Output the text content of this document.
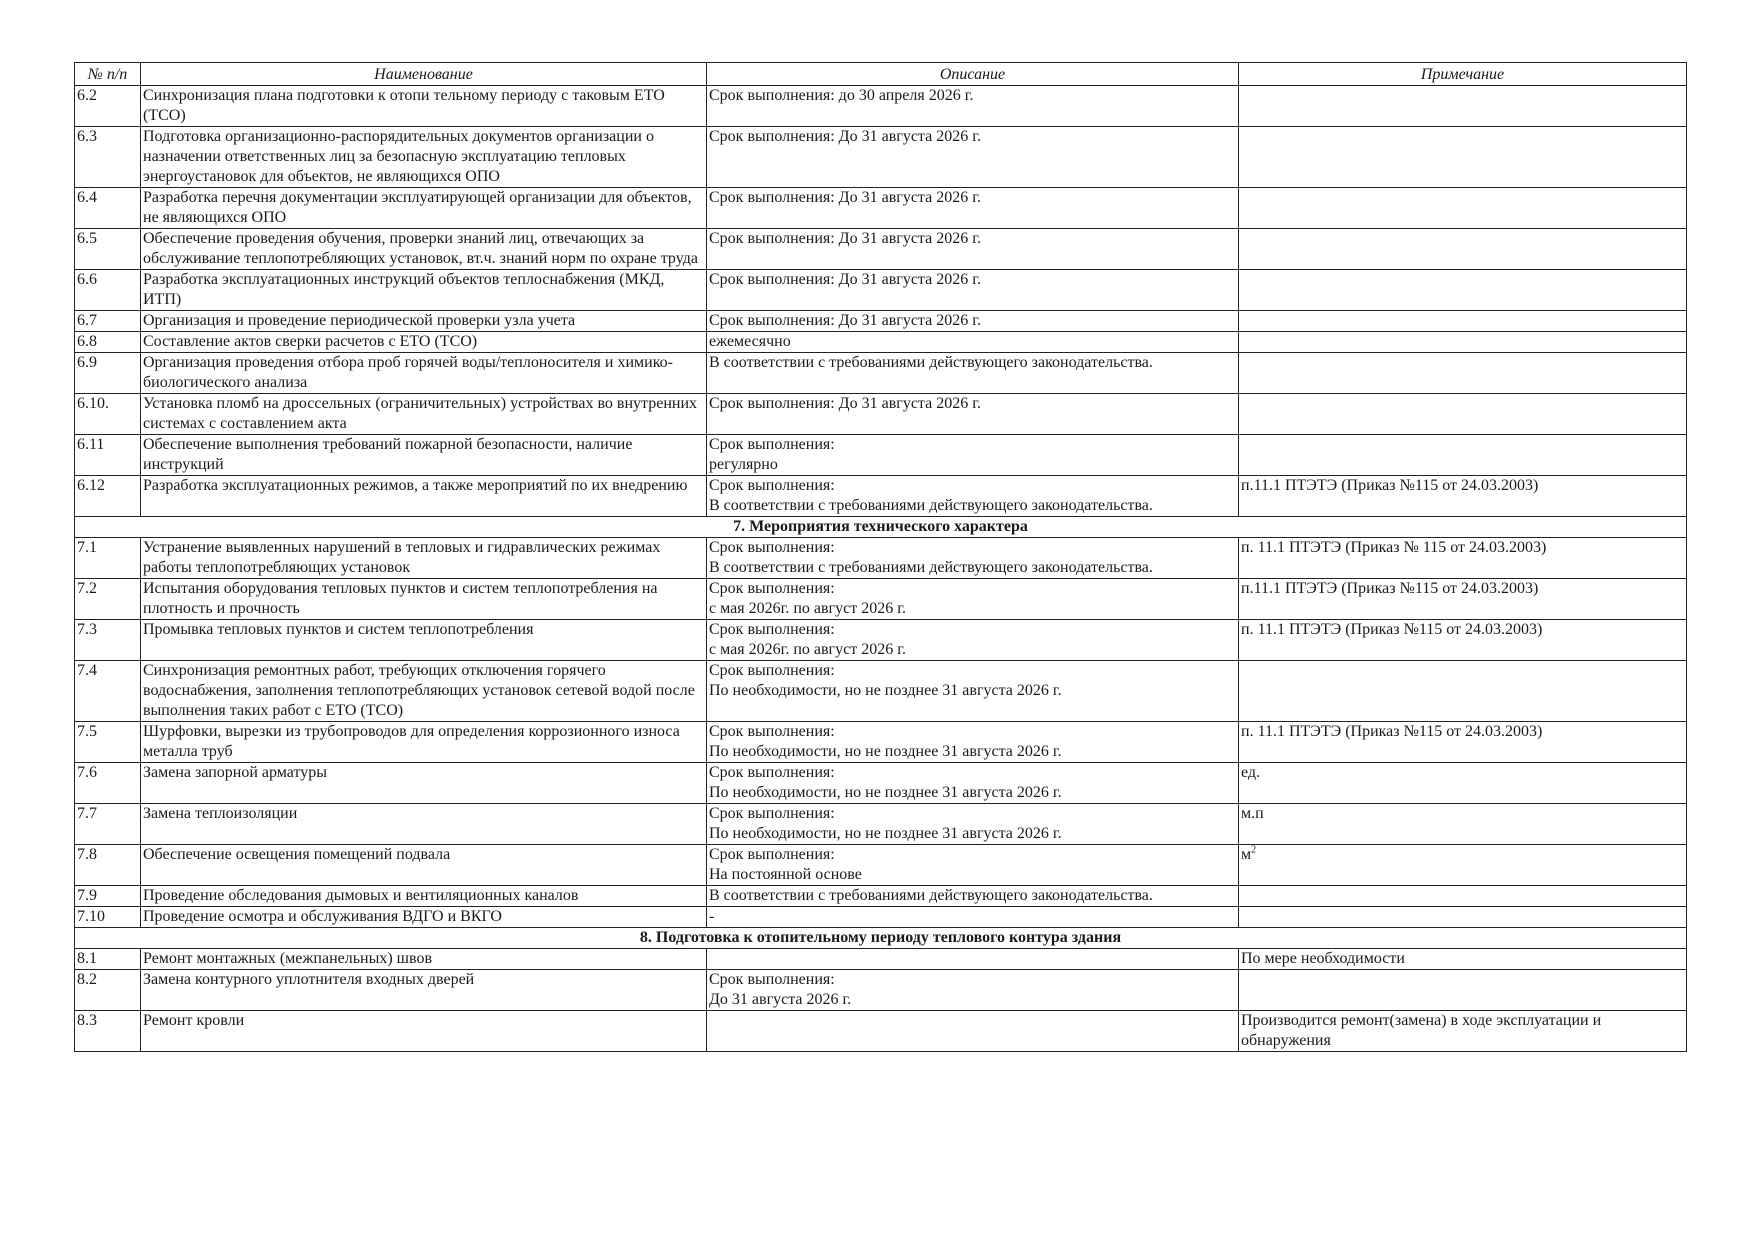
№ п/п	Наименование	Описание	Примечание
6.2	Синхронизация плана подготовки к отопи тельному периоду с таковым ЕТО (ТСО)	Срок выполнения: до 30 апреля 2026 г.	

6.3	Подготовка организационно-распорядительных документов организации о назначении ответственных лиц за безопасную эксплуатацию тепловых энергоустановок для объектов, не являющихся ОПО	Срок выполнения: До 31 августа 2026 г.	

6.4	Разработка перечня документации эксплуатирующей организации для объектов, не являющихся ОПО	Срок выполнения: До 31 августа 2026 г.	

6.5	Обеспечение проведения обучения, проверки знаний лиц, отвечающих за обслуживание теплопотребляющих установок, вт.ч. знаний норм по охране труда	Срок выполнения: До 31 августа 2026 г.	

6.6	Разработка эксплуатационных инструкций объектов теплоснабжения (МКД, ИТП)	Срок выполнения: До 31 августа 2026 г.	

6.7	Организация и проведение периодической проверки узла учета	Срок выполнения: До 31 августа 2026 г.	

6.8	Составление актов сверки расчетов с ЕТО (ТСО)	ежемесячно	

6.9	Организация проведения отбора проб горячей воды/теплоносителя и химико-биологического анализа	В соответствии с требованиями действующего законодательства.	

6.10.	Установка пломб на дроссельных (ограничительных) устройствах во внутренних системах с составлением акта	Срок выполнения: До 31 августа 2026 г.	

6.11	Обеспечение выполнения требований пожарной безопасности, наличие инструкций	Срок выполнения:
регулярно	

6.12	Разработка эксплуатационных режимов, а также мероприятий по их внедрению	Срок выполнения:
В соответствии с требованиями действующего законодательства.	п.11.1 ПТЭТЭ (Приказ №115 от 24.03.2003)
7. Мероприятия технического характера			
7.1	Устранение выявленных нарушений в тепловых и гидравлических режимах работы теплопотребляющих установок	Срок выполнения:
В соответствии с требованиями действующего законодательства.	п. 11.1 ПТЭТЭ (Приказ № 115 от 24.03.2003)
7.2	Испытания оборудования тепловых пунктов и систем теплопотребления на плотность и прочность	Срок выполнения:
с мая 2026г. по август 2026 г.	п.11.1 ПТЭТЭ (Приказ №115 от 24.03.2003)
7.3	Промывка тепловых пунктов и систем теплопотребления	Срок выполнения:
с мая 2026г. по август 2026 г.	п. 11.1 ПТЭТЭ (Приказ №115 от 24.03.2003)
7.4	Синхронизация ремонтных работ, требующих отключения горячего водоснабжения, заполнения теплопотребляющих установок сетевой водой после выполнения таких работ с ЕТО (ТСО)	Срок выполнения:
По необходимости, но не позднее 31 августа 2026 г.	

7.5	Шурфовки, вырезки из трубопроводов для определения коррозионного износа металла труб	Срок выполнения:
По необходимости, но не позднее 31 августа 2026 г.	п. 11.1 ПТЭТЭ (Приказ №115 от 24.03.2003)
7.6	Замена запорной арматуры	Срок выполнения:
По необходимости, но не позднее 31 августа 2026 г.	ед.
7.7	Замена теплоизоляции	Срок выполнения:
По необходимости, но не позднее 31 августа 2026 г.	м.п
7.8	Обеспечение освещения помещений подвала	Срок выполнения:
На постоянной основе	$м^2$
7.9	Проведение обследования дымовых и вентиляционных каналов	В соответствии с требованиями действующего законодательства.	

7.10	Проведение осмотра и обслуживания ВДГО и ВКГО	-	

8. Подготовка к отопительному периоду теплового контура здания			
8.1	Ремонт монтажных (межпанельных) швов		По мере необходимости
8.2	Замена контурного уплотнителя входных дверей	Срок выполнения:
До 31 августа 2026 г.	

8.3	Ремонт кровли		Производится ремонт(замена) в ходе эксплуатации и обнаружения
